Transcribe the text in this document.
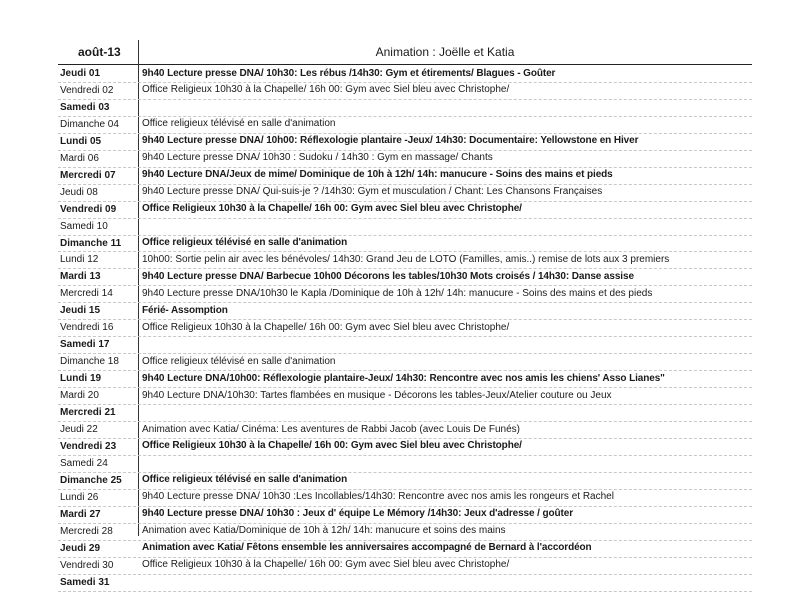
août-13	Animation : Joëlle et Katia
Jeudi 01	9h40 Lecture presse DNA/ 10h30: Les rébus /14h30: Gym et étirements/ Blagues - Goûter
Vendredi 02	Office Religieux 10h30 à la Chapelle/ 16h 00: Gym avec Siel bleu avec Christophe/
Samedi 03
Dimanche 04 Office religieux télévisé en salle d'animation
Lundi 05	9h40 Lecture presse DNA/ 10h00: Réflexologie plantaire -Jeux/ 14h30: Documentaire: Yellowstone en Hiver
Mardi 06	9h40 Lecture presse DNA/ 10h30 : Sudoku / 14h30 : Gym en massage/ Chants
Mercredi 07	9h40 Lecture DNA/Jeux de mime/ Dominique de 10h à 12h/ 14h: manucure - Soins des mains et pieds
Jeudi 08	9h40 Lecture presse DNA/ Qui-suis-je ? /14h30: Gym et musculation / Chant: Les Chansons Françaises
Vendredi 09	Office Religieux 10h30 à la Chapelle/ 16h 00: Gym avec Siel bleu avec Christophe/
Samedi 10
Dimanche 11 Office religieux télévisé en salle d'animation
Lundi 12	10h00: Sortie pelin air avec les bénévoles/ 14h30: Grand Jeu de LOTO (Familles, amis..) remise de lots aux 3 premiers
Mardi 13	9h40 Lecture presse DNA/ Barbecue 10h00 Décorons les tables/10h30 Mots croisés / 14h30: Danse assise
Mercredi 14	9h40 Lecture presse DNA/10h30 le Kapla /Dominique de 10h à 12h/ 14h: manucure - Soins des mains et des pieds
Jeudi 15	Férié- Assomption
Vendredi 16	Office Religieux 10h30 à la Chapelle/ 16h 00: Gym avec Siel bleu avec Christophe/
Samedi 17
Dimanche 18 Office religieux télévisé en salle d'animation
Lundi 19	9h40 Lecture DNA/10h00: Réflexologie plantaire-Jeux/ 14h30: Rencontre avec nos amis les chiens' Asso Lianes"
Mardi 20	9h40 Lecture DNA/10h30: Tartes flambées en musique - Décorons les tables-Jeux/Atelier couture ou Jeux
Mercredi 21
Jeudi 22	Animation avec Katia/ Cinéma: Les aventures de Rabbi Jacob (avec Louis De Funés)
Vendredi 23	Office Religieux 10h30 à la Chapelle/ 16h 00: Gym avec Siel bleu avec Christophe/
Samedi 24
Dimanche 25 Office religieux télévisé en salle d'animation
Lundi 26	9h40 Lecture presse DNA/ 10h30 :Les Incollables/14h30: Rencontre avec nos amis les rongeurs et Rachel
Mardi 27	9h40 Lecture presse DNA/ 10h30 : Jeux d' équipe Le Mémory /14h30: Jeux d'adresse / goûter
Mercredi 28	Animation avec Katia/Dominique de 10h à 12h/ 14h: manucure et soins des mains
Jeudi 29	Animation avec Katia/ Fêtons ensemble les anniversaires accompagné de Bernard à l'accordéon
Vendredi 30	Office Religieux 10h30 à la Chapelle/ 16h 00: Gym avec Siel bleu avec Christophe/
Samedi 31
